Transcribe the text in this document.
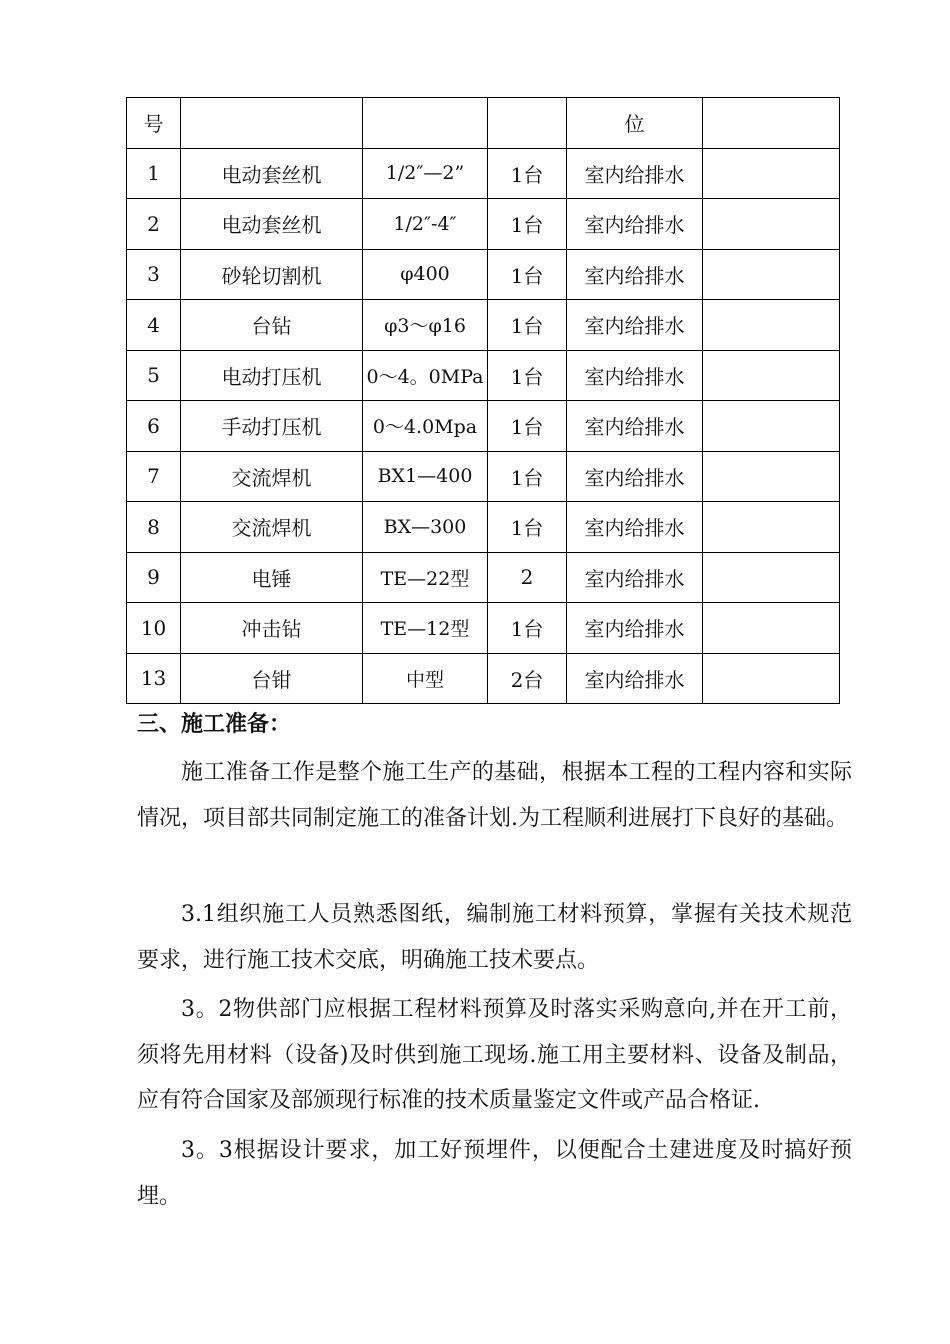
号				位	
1	电动套丝机	1/2″—2”	1台	室内给排水	
2	电动套丝机	1/2″-4″	1台	室内给排水	
3	砂轮切割机	φ400	1台	室内给排水	
4	台钻	φ3～φ16	1台	室内给排水	
5	电动打压机	0～4。0MPa	1台	室内给排水	
6	手动打压机	0～4.0Mpa	1台	室内给排水	
7	交流焊机	BX1—400	1台	室内给排水	
8	交流焊机	BX—300	1台	室内给排水	
9	电锤	TE—22型	2	室内给排水	
10	冲击钻	TE—12型	1台	室内给排水	
13	台钳	中型	2台	室内给排水	
三、施工准备：

施工准备工作是整个施工生产的基础，根据本工程的工程内容和实际情况，项目部共同制定施工的准备计划.为工程顺利进展打下良好的基础。

3.1组织施工人员熟悉图纸，编制施工材料预算，掌握有关技术规范要求，进行施工技术交底，明确施工技术要点。

3。2物供部门应根据工程材料预算及时落实采购意向,并在开工前，须将先用材料（设备)及时供到施工现场.施工用主要材料、设备及制品，应有符合国家及部颁现行标准的技术质量鉴定文件或产品合格证.

3。3根据设计要求，加工好预埋件，以便配合土建进度及时搞好预埋。
